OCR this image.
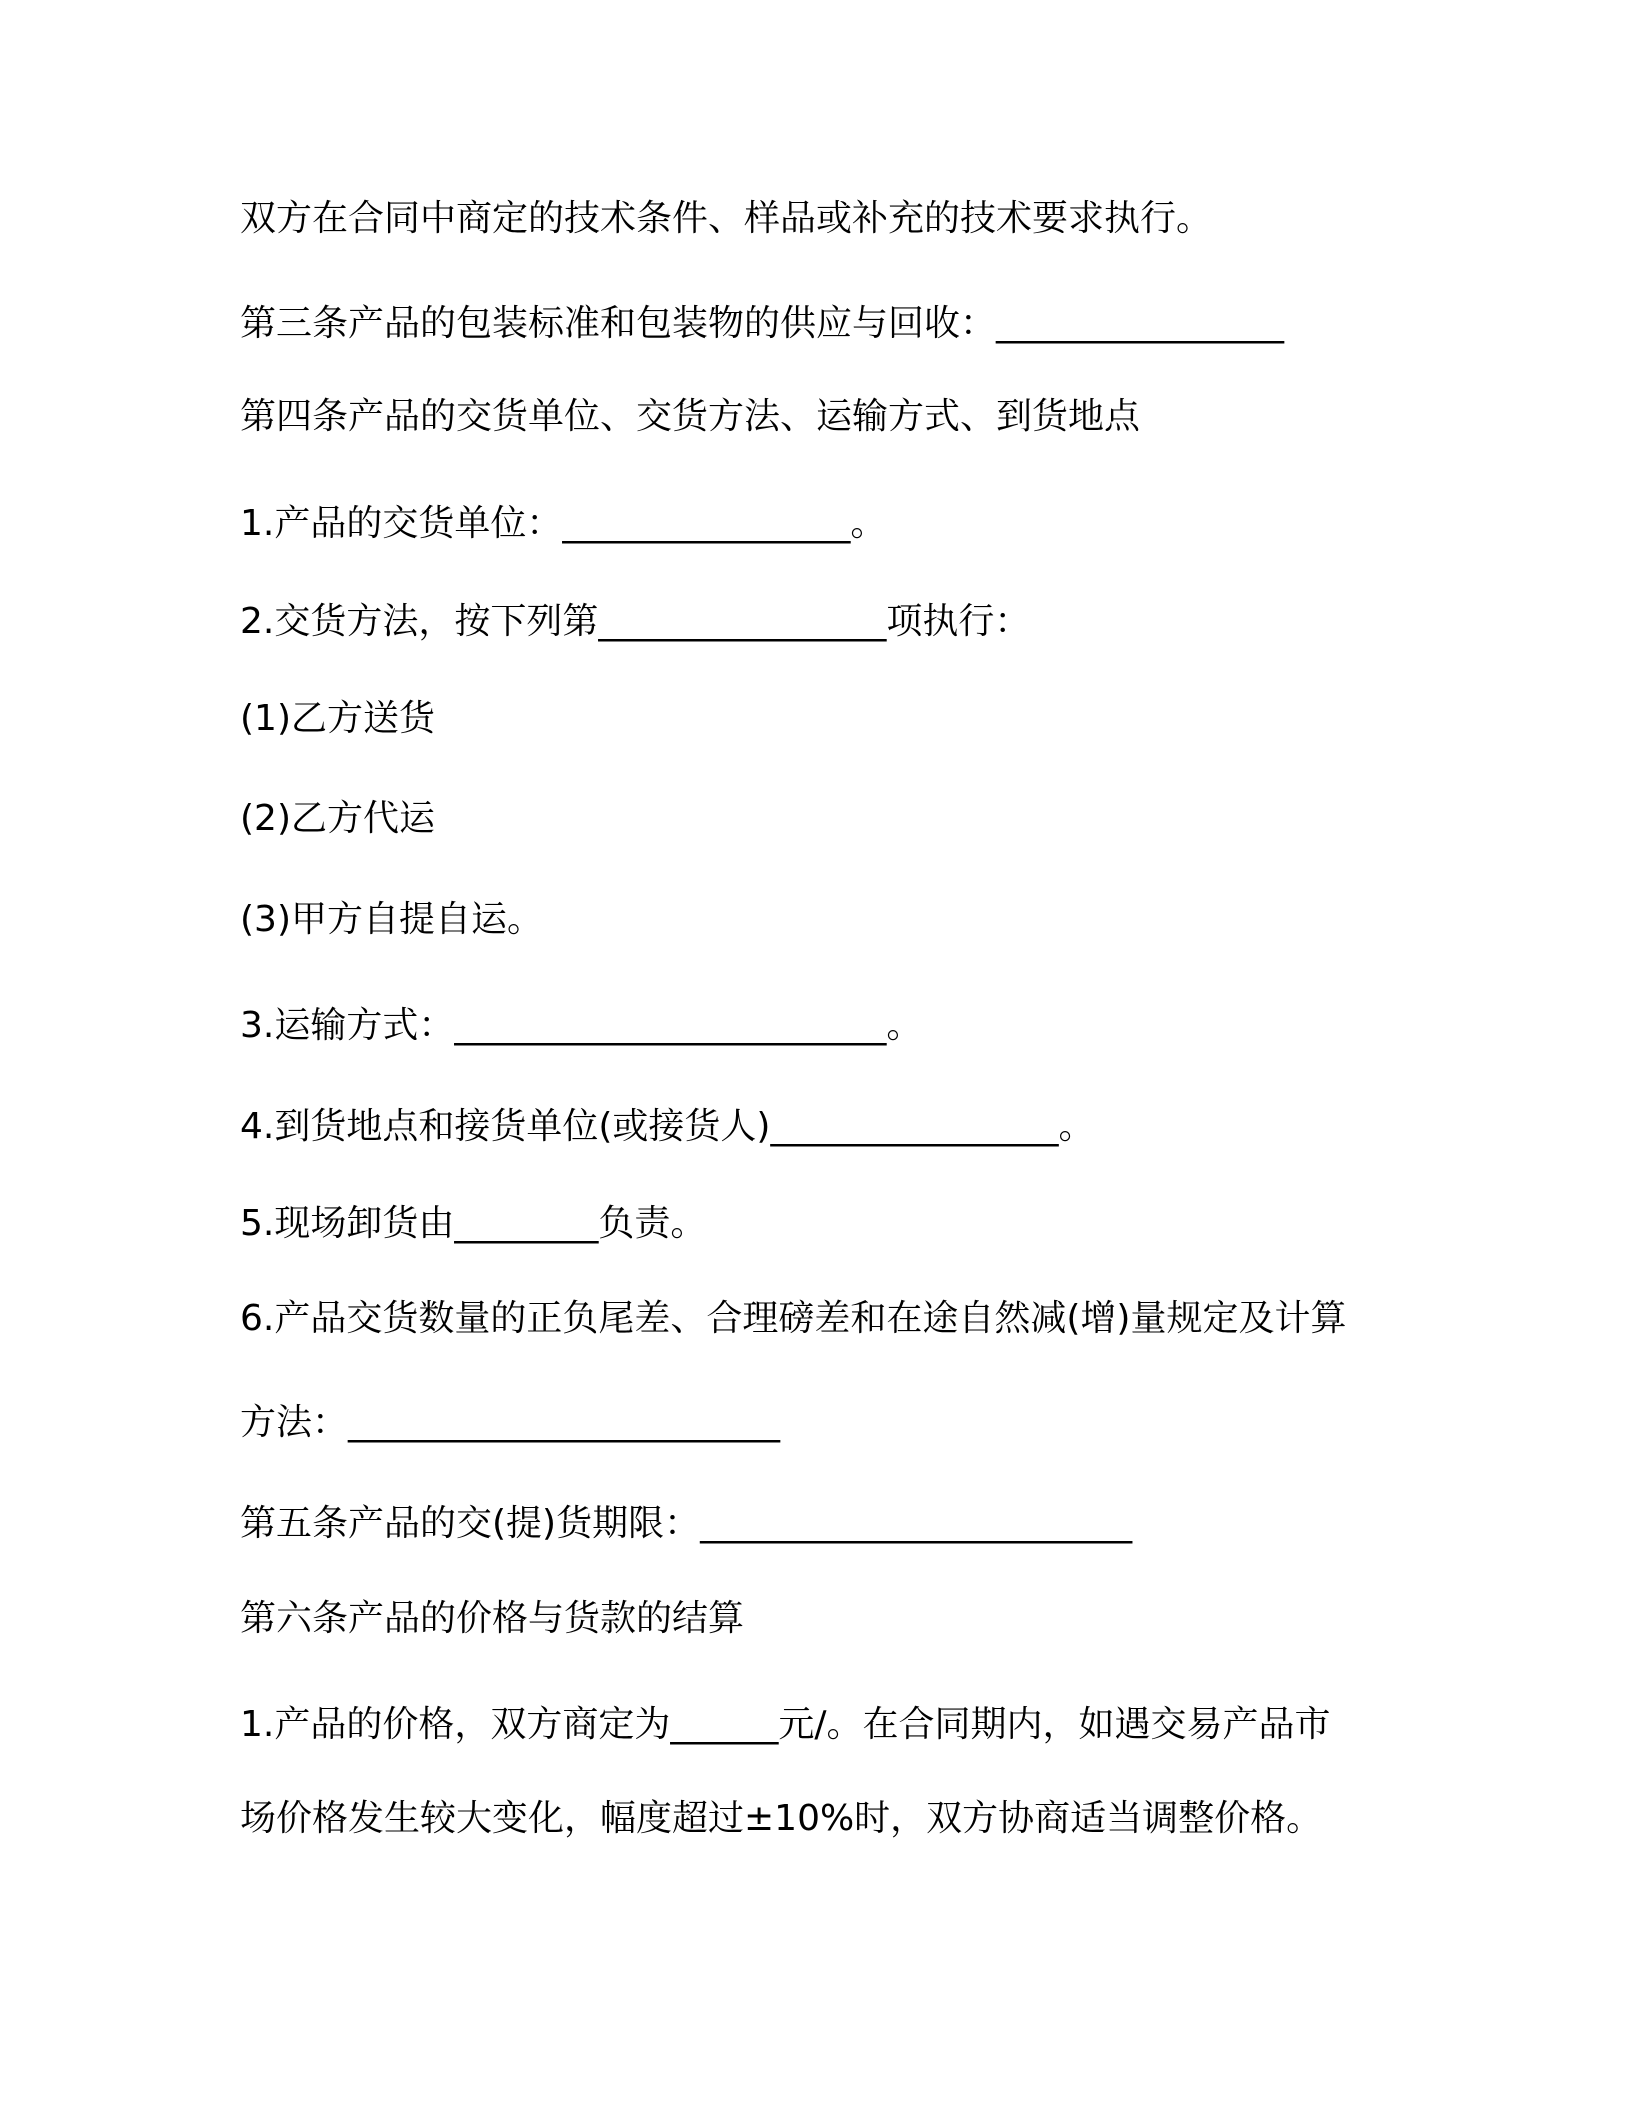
双方在合同中商定的技术条件、样品或补充的技术要求执行。
第三条产品的包装标准和包装物的供应与回收：________________
第四条产品的交货单位、交货方法、运输方式、到货地点
1.产品的交货单位：________________。
2.交货方法，按下列第________________项执行：
(1)乙方送货
(2)乙方代运
(3)甲方自提自运。
3.运输方式：________________________。
4.到货地点和接货单位(或接货人)________________。
5.现场卸货由________负责。
6.产品交货数量的正负尾差、合理磅差和在途自然减(增)量规定及计算
方法：________________________
第五条产品的交(提)货期限：________________________
第六条产品的价格与货款的结算
1.产品的价格，双方商定为______元/。在合同期内，如遇交易产品市
场价格发生较大变化，幅度超过±10%时，双方协商适当调整价格。
